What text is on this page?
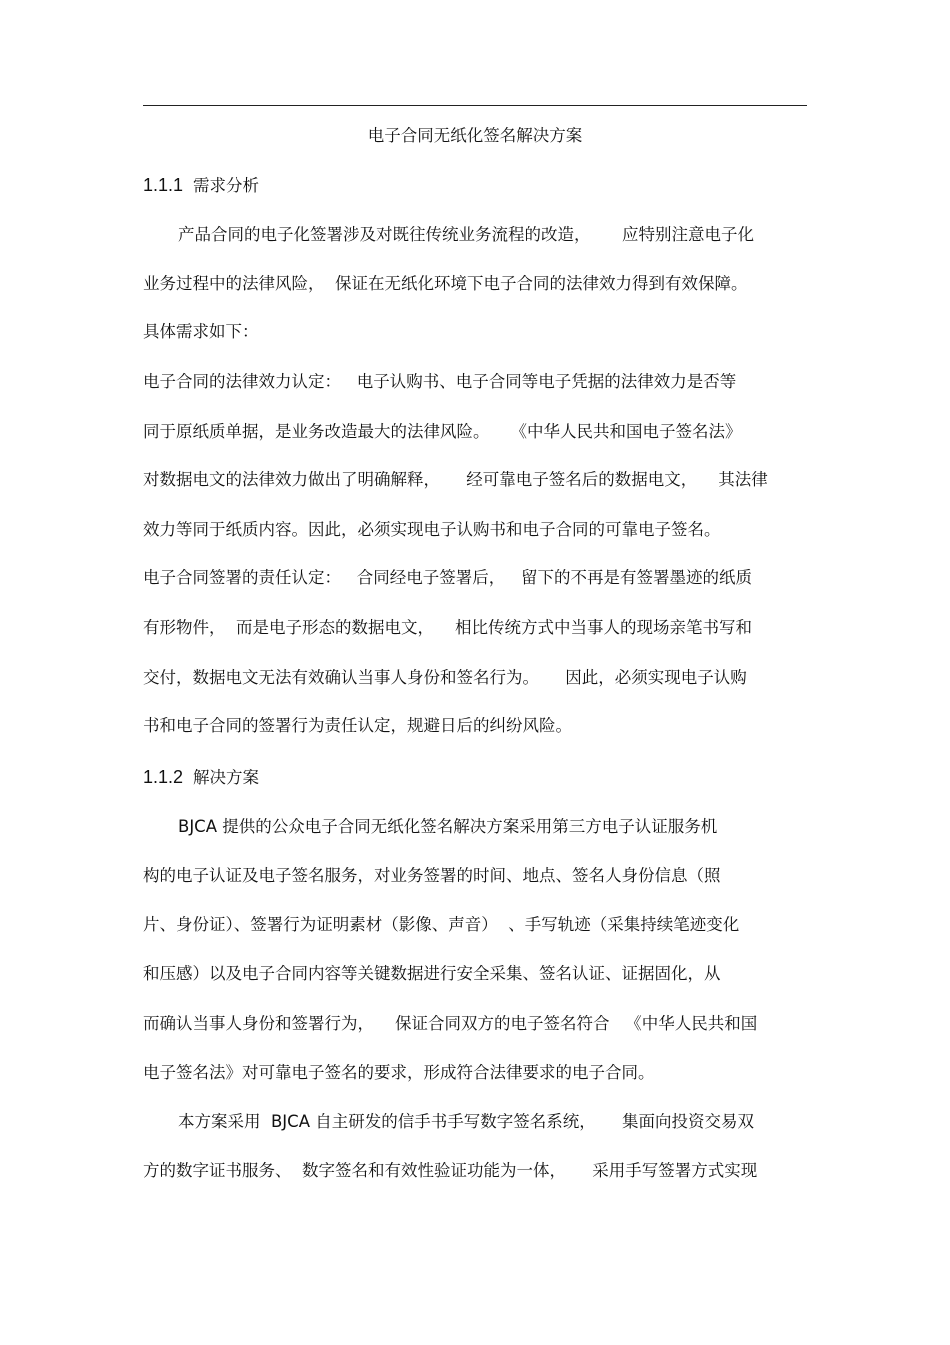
电子合同无纸化签名解决方案
1.1.1 需求分析
产品合同的电子化签署涉及对既往传统业务流程的改造，      应特别注意电子化
业务过程中的法律风险，  保证在无纸化环境下电子合同的法律效力得到有效保障。
具体需求如下：
电子合同的法律效力认定：   电子认购书、电子合同等电子凭据的法律效力是否等
同于原纸质单据，是业务改造最大的法律风险。    《中华人民共和国电子签名法》
对数据电文的法律效力做出了明确解释，     经可靠电子签名后的数据电文，    其法律
效力等同于纸质内容。因此，必须实现电子认购书和电子合同的可靠电子签名。
电子合同签署的责任认定：   合同经电子签署后，   留下的不再是有签署墨迹的纸质
有形物件，  而是电子形态的数据电文，    相比传统方式中当事人的现场亲笔书写和
交付，数据电文无法有效确认当事人身份和签名行为。     因此，必须实现电子认购
书和电子合同的签署行为责任认定，规避日后的纠纷风险。
1.1.2 解决方案
BJCA 提供的公众电子合同无纸化签名解决方案采用第三方电子认证服务机
构的电子认证及电子签名服务，对业务签署的时间、地点、签名人身份信息（照
片、身份证）、签署行为证明素材（影像、声音）  、手写轨迹（采集持续笔迹变化
和压感）以及电子合同内容等关键数据进行安全采集、签名认证、证据固化，从
而确认当事人身份和签署行为，    保证合同双方的电子签名符合   《中华人民共和国
电子签名法》对可靠电子签名的要求，形成符合法律要求的电子合同。
本方案采用  BJCA 自主研发的信手书手写数字签名系统，     集面向投资交易双
方的数字证书服务、  数字签名和有效性验证功能为一体，     采用手写签署方式实现
